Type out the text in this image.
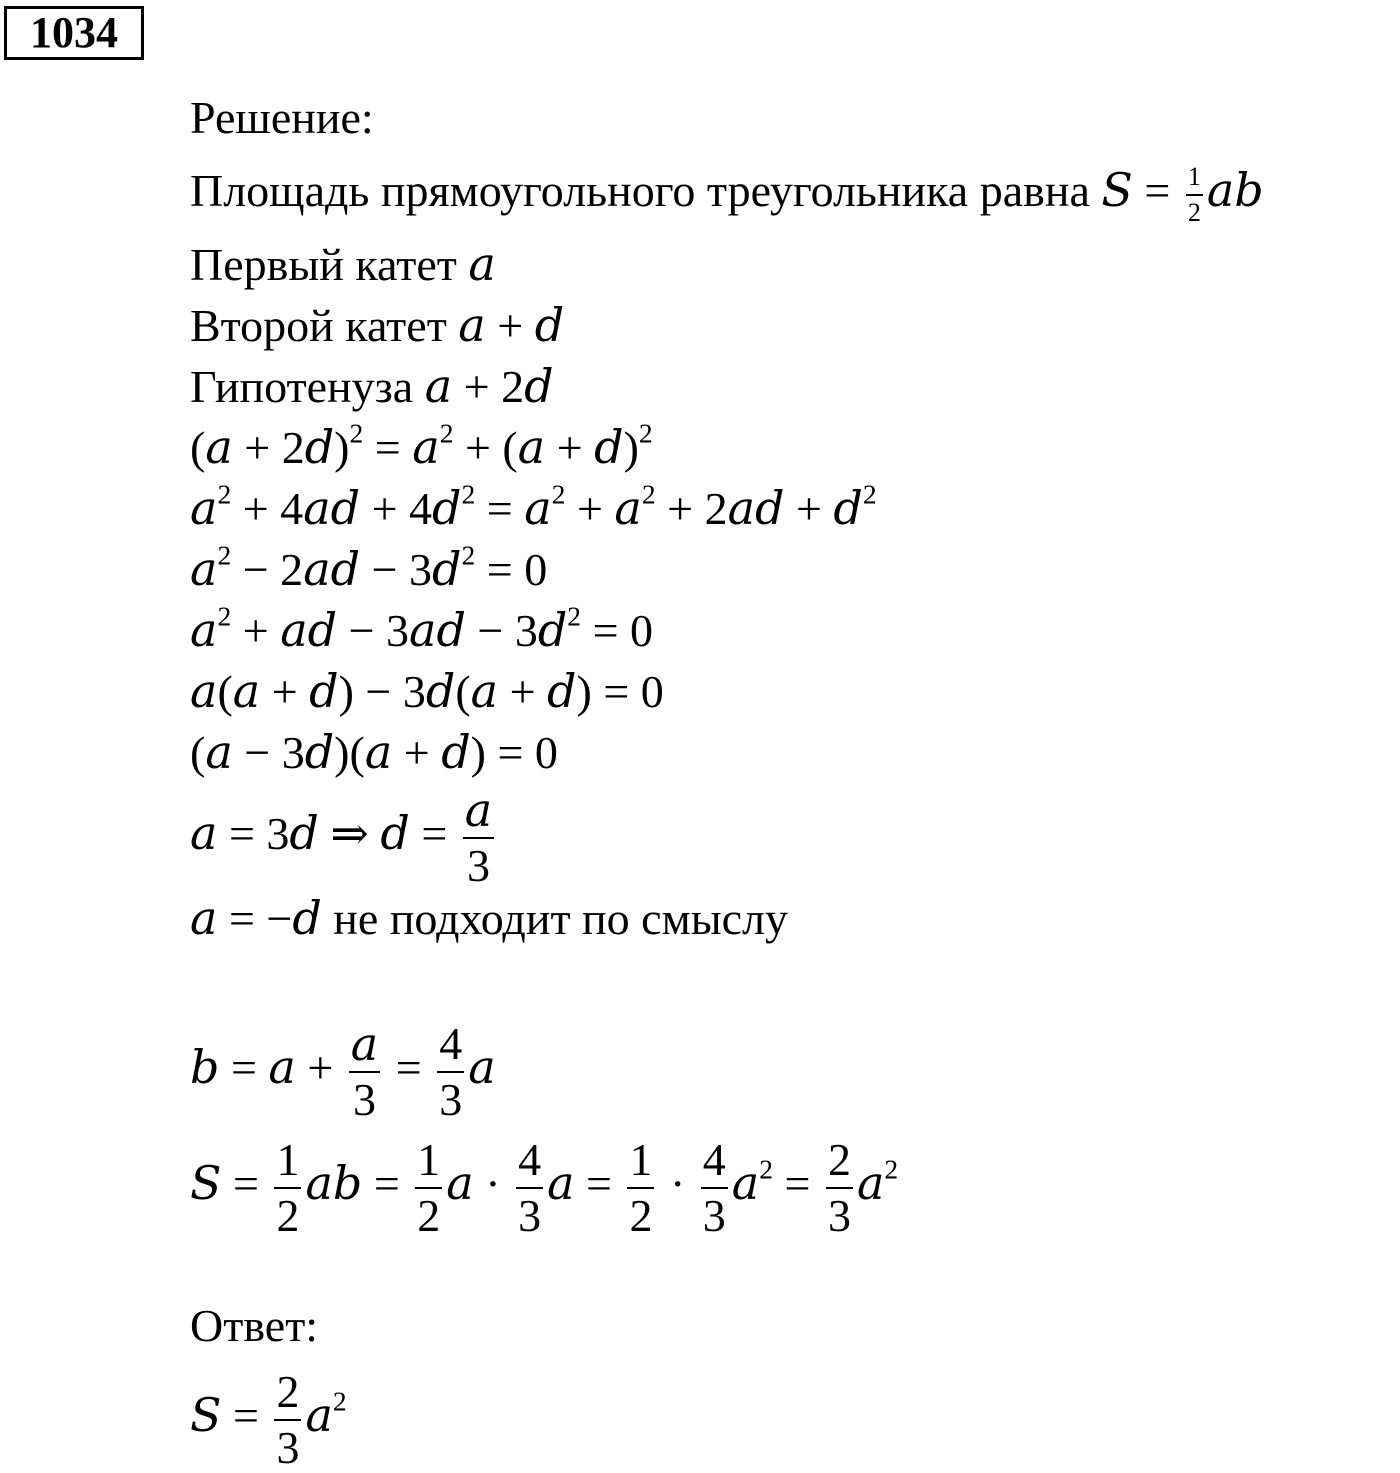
1034
Решение:
Площадь прямоугольного треугольника равна $S = \frac{1}{2}$ ab
Первый катет a
Второй катет a + d
Гипотенуза a + 2d
$(a + 2d)^2 = a^2 + (a + d)^2$
$a^2 + 4ad + 4d^2 = a^2 + a^2 + 2ad + d^2$
$a^2 - 2ad - 3d^2 = 0$
$a^2$ + ad − $3ad - 3d^2 = 0$
a(a + d) − 3d(a + d) = 0
(a − 3d)(a + d) = 0
a = 3d ⇒ $d = \frac{a}{3}$
a = −d не подходит по смыслу
$b = a + \frac{a}{3} = \frac{4}{3}$ a
$S = \frac{1}{2}$ ab = $\frac{1}{2}$ $a \cdot \frac{4}{3}$ $a = \frac{1}{2} \cdot \frac{4}{3} a^2 = \frac{2}{3} a^2$
Ответ:
$S = \frac{2}{3} a^2$
